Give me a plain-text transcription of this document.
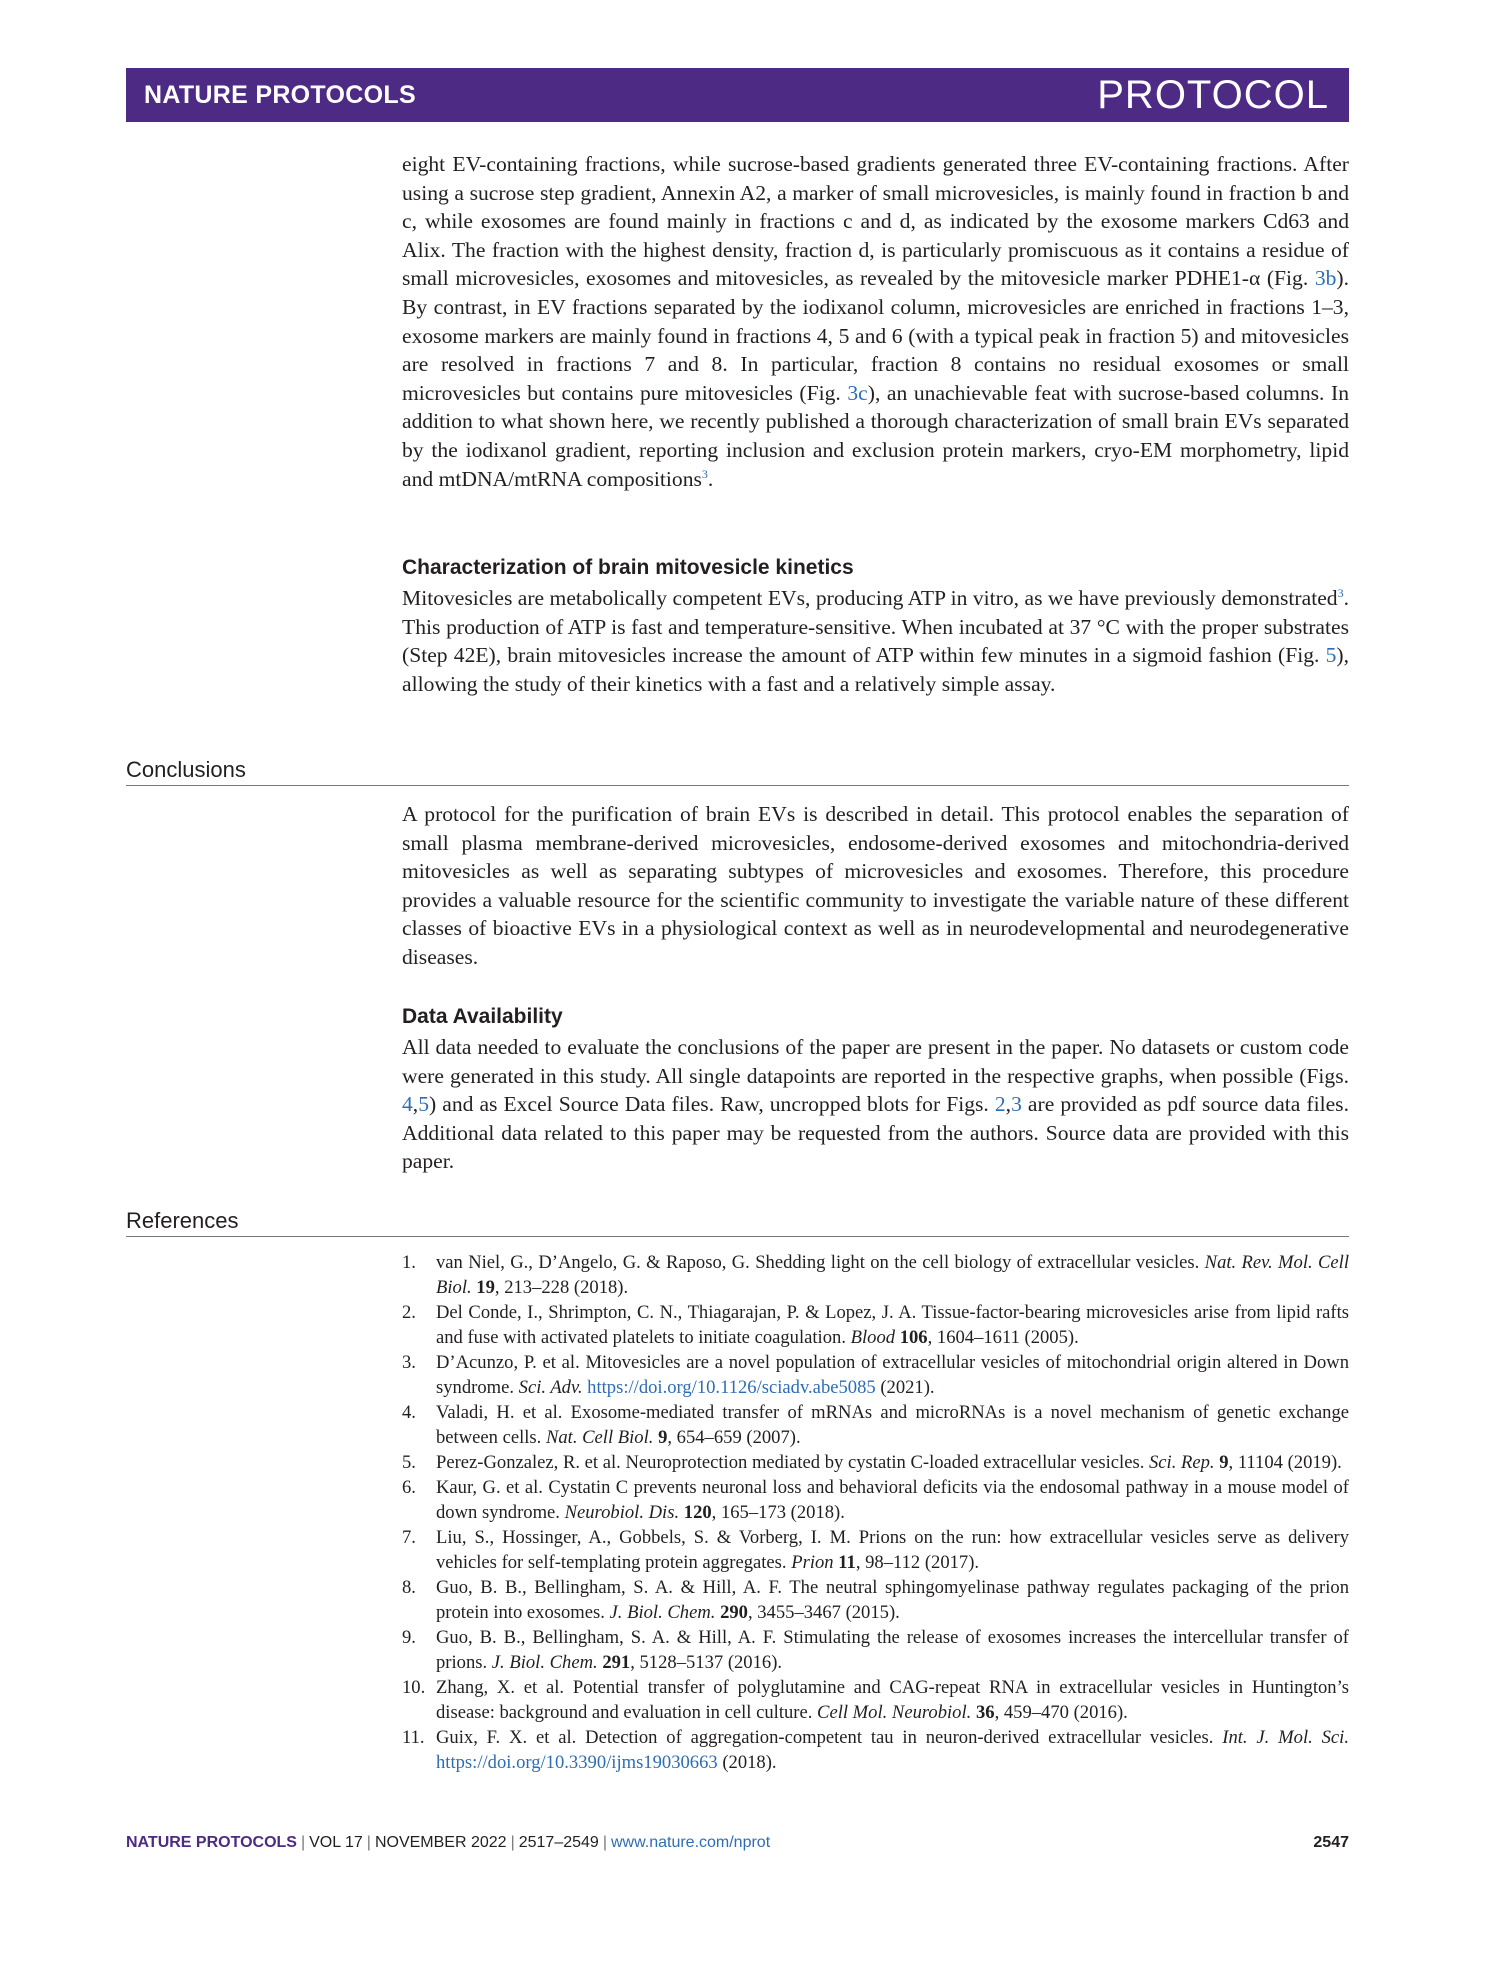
NATURE PROTOCOLS	PROTOCOL

eight EV-containing fractions, while sucrose-based gradients generated three EV-containing fractions. After using a sucrose step gradient, Annexin A2, a marker of small microvesicles, is mainly found in fraction b and c, while exosomes are found mainly in fractions c and d, as indicated by the exosome markers Cd63 and Alix. The fraction with the highest density, fraction d, is particularly promiscuous as it contains a residue of small microvesicles, exosomes and mitovesicles, as revealed by the mitovesicle marker PDHE1-α (Fig. 3b). By contrast, in EV fractions separated by the iodixanol column, microvesicles are enriched in fractions 1–3, exosome markers are mainly found in fractions 4, 5 and 6 (with a typical peak in fraction 5) and mitovesicles are resolved in fractions 7 and 8. In particular, fraction 8 contains no residual exosomes or small microvesicles but contains pure mitovesicles (Fig. 3c), an unachievable feat with sucrose-based columns. In addition to what shown here, we recently published a thorough characterization of small brain EVs separated by the iodixanol gradient, reporting inclusion and exclusion protein markers, cryo-EM morphometry, lipid and mtDNA/mtRNA compositions$^3$.

Characterization of brain mitovesicle kinetics

Mitovesicles are metabolically competent EVs, producing ATP in vitro, as we have previously demonstrated$^3$. This production of ATP is fast and temperature-sensitive. When incubated at 37 °C with the proper substrates (Step 42E), brain mitovesicles increase the amount of ATP within few minutes in a sigmoid fashion (Fig. 5), allowing the study of their kinetics with a fast and a relatively simple assay.

Conclusions

A protocol for the purification of brain EVs is described in detail. This protocol enables the separation of small plasma membrane-derived microvesicles, endosome-derived exosomes and mitochondria-derived mitovesicles as well as separating subtypes of microvesicles and exosomes. Therefore, this procedure provides a valuable resource for the scientific community to investigate the variable nature of these different classes of bioactive EVs in a physiological context as well as in neurodevelopmental and neurodegenerative diseases.

Data Availability

All data needed to evaluate the conclusions of the paper are present in the paper. No datasets or custom code were generated in this study. All single datapoints are reported in the respective graphs, when possible (Figs. 4,5) and as Excel Source Data files. Raw, uncropped blots for Figs. 2,3 are provided as pdf source data files. Additional data related to this paper may be requested from the authors. Source data are provided with this paper.

References
1.	van Niel, G., D’Angelo, G. & Raposo, G. Shedding light on the cell biology of extracellular vesicles. Nat. Rev. Mol. Cell Biol. 19, 213–228 (2018).
2.	Del Conde, I., Shrimpton, C. N., Thiagarajan, P. & Lopez, J. A. Tissue-factor-bearing microvesicles arise from lipid rafts and fuse with activated platelets to initiate coagulation. Blood 106, 1604–1611 (2005).
3.	D’Acunzo, P. et al. Mitovesicles are a novel population of extracellular vesicles of mitochondrial origin altered in Down syndrome. Sci. Adv. https://doi.org/10.1126/sciadv.abe5085 (2021).
4.	Valadi, H. et al. Exosome-mediated transfer of mRNAs and microRNAs is a novel mechanism of genetic exchange between cells. Nat. Cell Biol. 9, 654–659 (2007).
5.	Perez-Gonzalez, R. et al. Neuroprotection mediated by cystatin C-loaded extracellular vesicles. Sci. Rep. 9, 11104 (2019).
6.	Kaur, G. et al. Cystatin C prevents neuronal loss and behavioral deficits via the endosomal pathway in a mouse model of down syndrome. Neurobiol. Dis. 120, 165–173 (2018).
7.	Liu, S., Hossinger, A., Gobbels, S. & Vorberg, I. M. Prions on the run: how extracellular vesicles serve as delivery vehicles for self-templating protein aggregates. Prion 11, 98–112 (2017).
8.	Guo, B. B., Bellingham, S. A. & Hill, A. F. The neutral sphingomyelinase pathway regulates packaging of the prion protein into exosomes. J. Biol. Chem. 290, 3455–3467 (2015).
9.	Guo, B. B., Bellingham, S. A. & Hill, A. F. Stimulating the release of exosomes increases the intercellular transfer of prions. J. Biol. Chem. 291, 5128–5137 (2016).
10. Zhang, X. et al. Potential transfer of polyglutamine and CAG-repeat RNA in extracellular vesicles in Huntington’s disease: background and evaluation in cell culture. Cell Mol. Neurobiol. 36, 459–470 (2016).
11. Guix, F. X. et al. Detection of aggregation-competent tau in neuron-derived extracellular vesicles. Int. J. Mol. Sci. https://doi.org/10.3390/ijms19030663 (2018).
NATURE PROTOCOLS | VOL 17 | NOVEMBER 2022 | 2517–2549 | www.nature.com/nprot	2547
